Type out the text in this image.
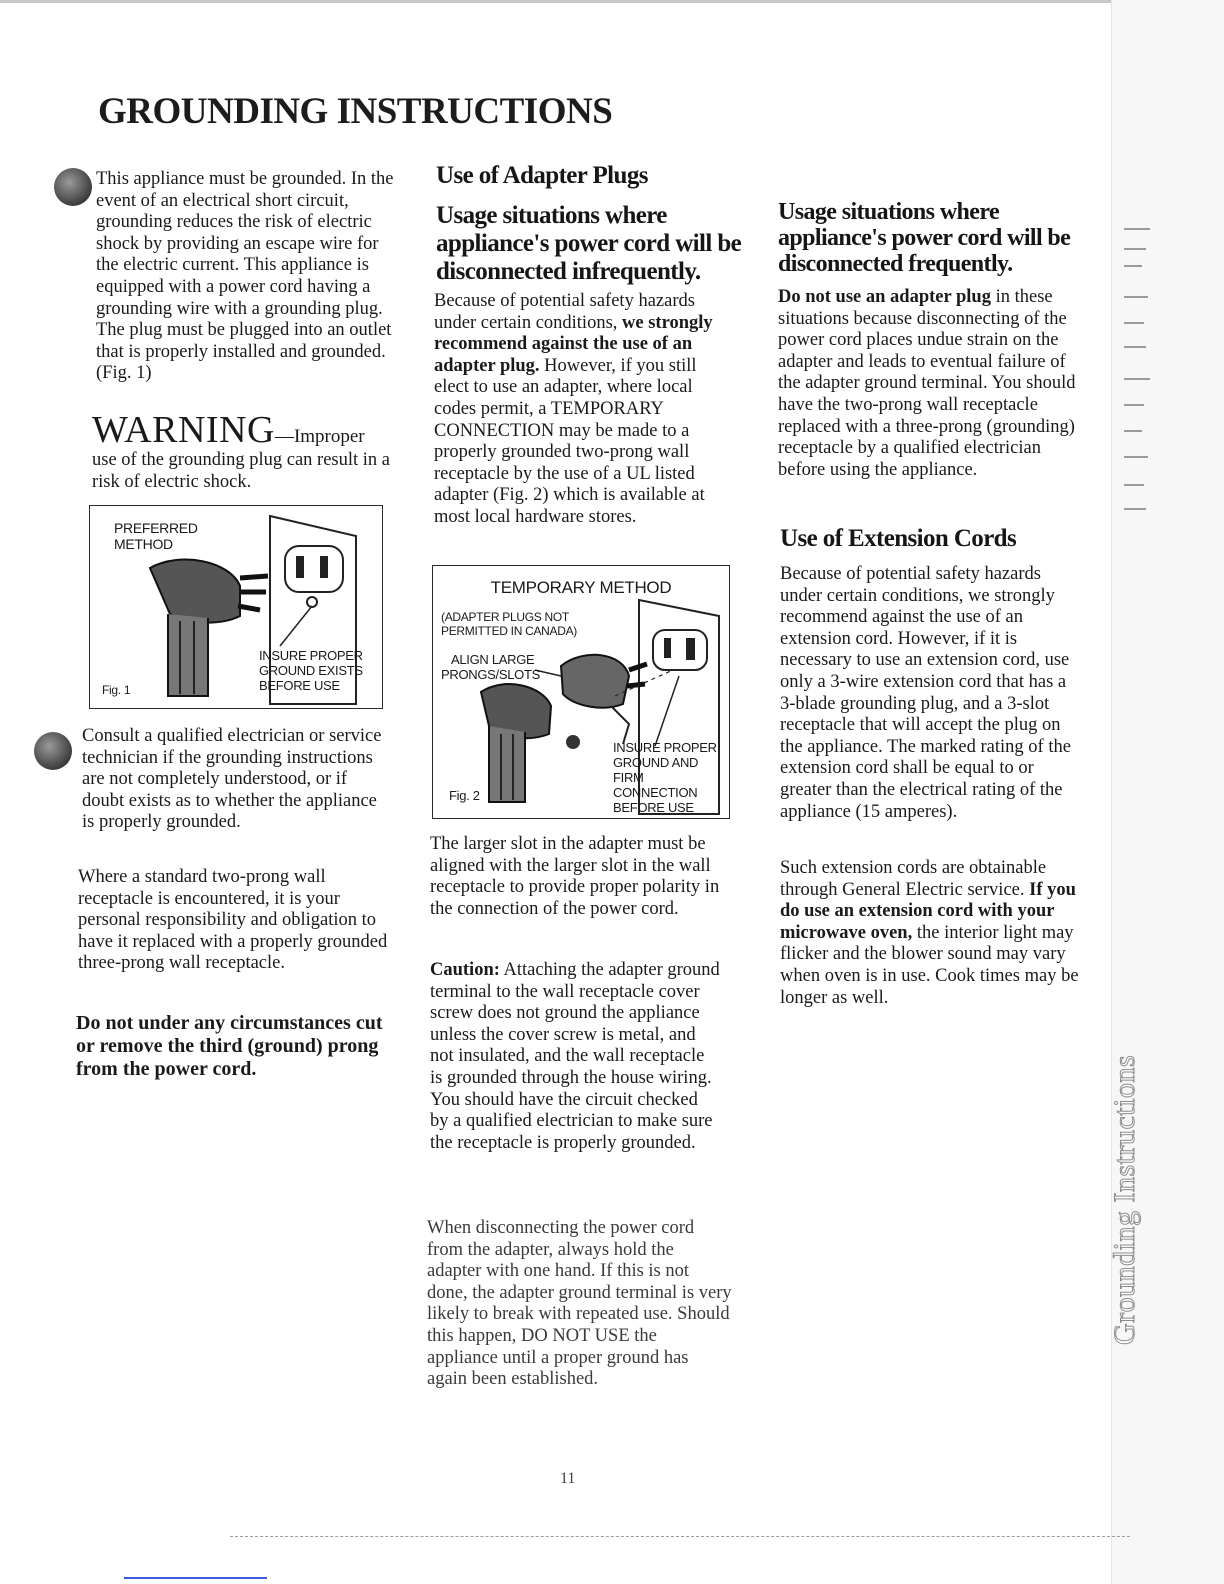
Grounding Instructions
GROUNDING INSTRUCTIONS

This appliance must be grounded. In the event of an electrical short circuit, grounding reduces the risk of electric shock by providing an escape wire for the electric current. This appliance is equipped with a power cord having a grounding wire with a grounding plug. The plug must be plugged into an outlet that is properly installed and grounded. (Fig. 1)

WARNING—Improper

use of the grounding plug can result in a risk of electric shock.

PREFERRED
METHOD
INSURE PROPER
GROUND EXISTS
BEFORE USE
Fig. 1

Consult a qualified electrician or service technician if the grounding instructions are not completely understood, or if doubt exists as to whether the appliance is properly grounded.

Where a standard two-prong wall receptacle is encountered, it is your personal responsibility and obligation to have it replaced with a properly grounded three-prong wall receptacle.

Do not under any circumstances cut or remove the third (ground) prong from the power cord.

Use of Adapter Plugs
Usage situations where appliance's power cord will be disconnected infrequently.

Because of potential safety hazards under certain conditions, we strongly recommend against the use of an adapter plug. However, if you still elect to use an adapter, where local codes permit, a TEMPORARY CONNECTION may be made to a properly grounded two-prong wall receptacle by the use of a UL listed adapter (Fig. 2) which is available at most local hardware stores.

TEMPORARY METHOD
(ADAPTER PLUGS NOT
PERMITTED IN CANADA)
ALIGN LARGE
PRONGS/SLOTS
INSURE PROPER
GROUND AND
FIRM CONNECTION
BEFORE USE
Fig. 2

The larger slot in the adapter must be aligned with the larger slot in the wall receptacle to provide proper polarity in the connection of the power cord.

Caution: Attaching the adapter ground terminal to the wall receptacle cover screw does not ground the appliance unless the cover screw is metal, and not insulated, and the wall receptacle is grounded through the house wiring. You should have the circuit checked by a qualified electrician to make sure the receptacle is properly grounded.

When disconnecting the power cord from the adapter, always hold the adapter with one hand. If this is not done, the adapter ground terminal is very likely to break with repeated use. Should this happen, DO NOT USE the appliance until a proper ground has again been established.

Usage situations where appliance's power cord will be disconnected frequently.

Do not use an adapter plug in these situations because disconnecting of the power cord places undue strain on the adapter and leads to eventual failure of the adapter ground terminal. You should have the two-prong wall receptacle replaced with a three-prong (grounding) receptacle by a qualified electrician before using the appliance.

Use of Extension Cords

Because of potential safety hazards under certain conditions, we strongly recommend against the use of an extension cord. However, if it is necessary to use an extension cord, use only a 3-wire extension cord that has a 3-blade grounding plug, and a 3-slot receptacle that will accept the plug on the appliance. The marked rating of the extension cord shall be equal to or greater than the electrical rating of the appliance (15 amperes).

Such extension cords are obtainable through General Electric service. If you do use an extension cord with your microwave oven, the interior light may flicker and the blower sound may vary when oven is in use. Cook times may be longer as well.

11
